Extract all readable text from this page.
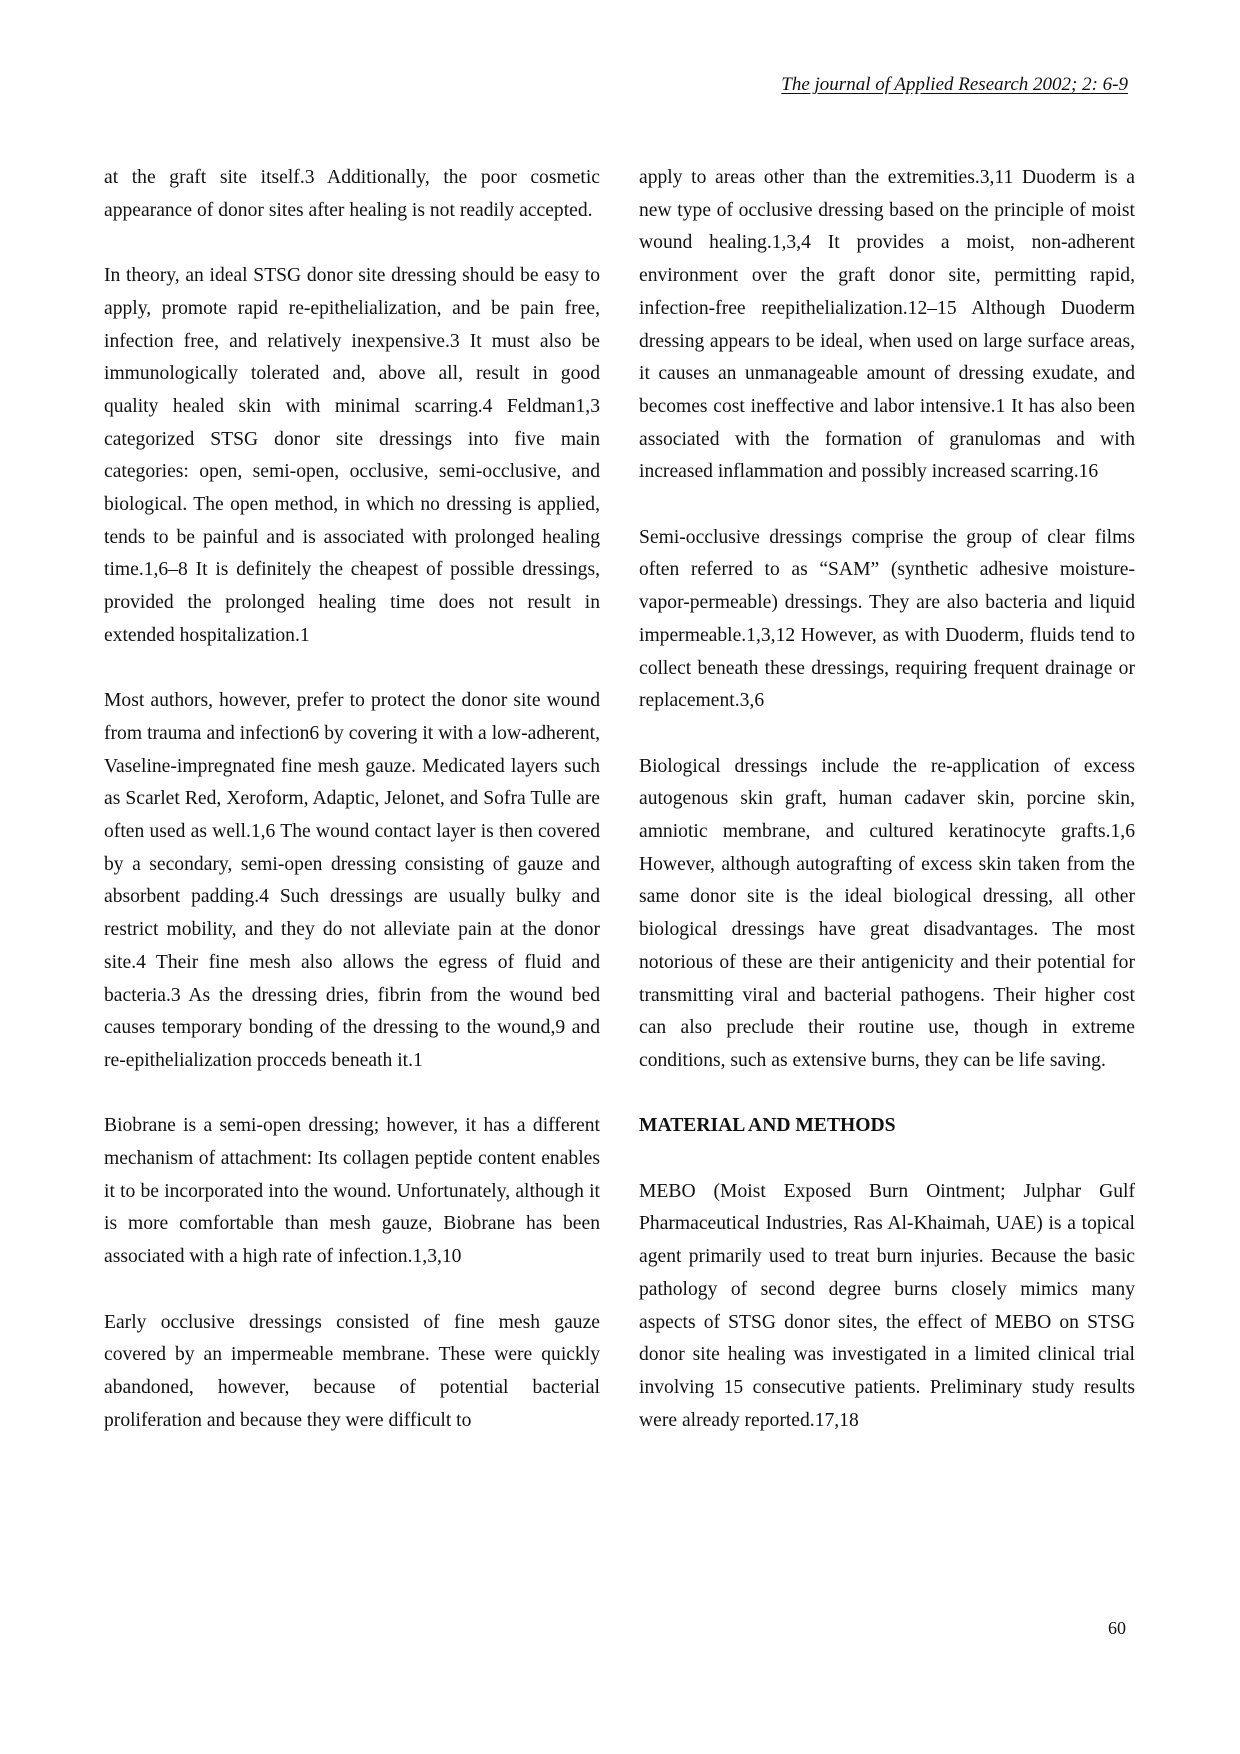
The journal of Applied Research 2002; 2: 6-9

at the graft site itself.3 Additionally, the poor cosmetic appearance of donor sites after healing is not readily accepted.

In theory, an ideal STSG donor site dressing should be easy to apply, promote rapid re-epithelialization, and be pain free, infection free, and relatively inexpensive.3 It must also be immunologically tolerated and, above all, result in good quality healed skin with minimal scarring.4 Feldman1,3 categorized STSG donor site dressings into five main categories: open, semi-open, occlusive, semi-occlusive, and biological. The open method, in which no dressing is applied, tends to be painful and is associated with prolonged healing time.1,6–8 It is definitely the cheapest of possible dressings, provided the prolonged healing time does not result in extended hospitalization.1

Most authors, however, prefer to protect the donor site wound from trauma and infection6 by covering it with a low-adherent, Vaseline-impregnated fine mesh gauze. Medicated layers such as Scarlet Red, Xeroform, Adaptic, Jelonet, and Sofra Tulle are often used as well.1,6 The wound contact layer is then covered by a secondary, semi-open dressing consisting of gauze and absorbent padding.4 Such dressings are usually bulky and restrict mobility, and they do not alleviate pain at the donor site.4 Their fine mesh also allows the egress of fluid and bacteria.3 As the dressing dries, fibrin from the wound bed causes temporary bonding of the dressing to the wound,9 and re-epithelialization procceds beneath it.1

Biobrane is a semi-open dressing; however, it has a different mechanism of attachment: Its collagen peptide content enables it to be incorporated into the wound. Unfortunately, although it is more comfortable than mesh gauze, Biobrane has been associated with a high rate of infection.1,3,10

Early occlusive dressings consisted of fine mesh gauze covered by an impermeable membrane. These were quickly abandoned, however, because of potential bacterial proliferation and because they were difficult to

apply to areas other than the extremities.3,11 Duoderm is a new type of occlusive dressing based on the principle of moist wound healing.1,3,4 It provides a moist, non-adherent environment over the graft donor site, permitting rapid, infection-free reepithelialization.12–15 Although Duoderm dressing appears to be ideal, when used on large surface areas, it causes an unmanageable amount of dressing exudate, and becomes cost ineffective and labor intensive.1 It has also been associated with the formation of granulomas and with increased inflammation and possibly increased scarring.16

Semi-occlusive dressings comprise the group of clear films often referred to as “SAM” (synthetic adhesive moisture-vapor-permeable) dressings. They are also bacteria and liquid impermeable.1,3,12 However, as with Duoderm, fluids tend to collect beneath these dressings, requiring frequent drainage or replacement.3,6

Biological dressings include the re-application of excess autogenous skin graft, human cadaver skin, porcine skin, amniotic membrane, and cultured keratinocyte grafts.1,6 However, although autografting of excess skin taken from the same donor site is the ideal biological dressing, all other biological dressings have great disadvantages. The most notorious of these are their antigenicity and their potential for transmitting viral and bacterial pathogens. Their higher cost can also preclude their routine use, though in extreme conditions, such as extensive burns, they can be life saving.

MATERIAL AND METHODS

MEBO (Moist Exposed Burn Ointment; Julphar Gulf Pharmaceutical Industries, Ras Al-Khaimah, UAE) is a topical agent primarily used to treat burn injuries. Because the basic pathology of second degree burns closely mimics many aspects of STSG donor sites, the effect of MEBO on STSG donor site healing was investigated in a limited clinical trial involving 15 consecutive patients. Preliminary study results were already reported.17,18

60
